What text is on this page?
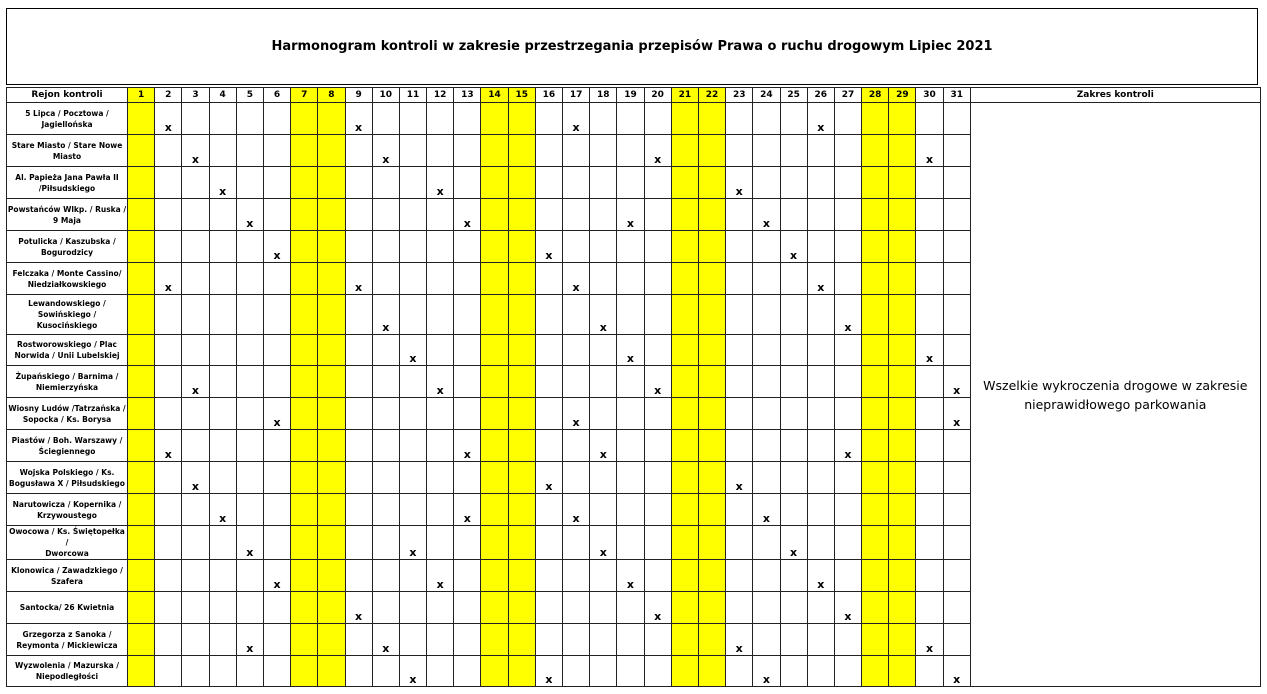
Harmonogram kontroli w zakresie przestrzegania przepisów Prawa o ruchu drogowym Lipiec 2021
Rejon kontroli	1	2	3	4	5	6	7	8	9	10	11	12	13	14	15	16	17	18	19	20	21	22	23	24	25	26	27	28	29	30	31	Zakres kontroli

5 Lipca / Pocztowa /
Jagiellońska		x							x								x									x						Wszelkie wykroczenia drogowe w zakresie nieprawidłowego parkowania

Stare Miasto / Stare Nowe
Miasto			x							x										x										x		

Al. Papieża Jana Pawła II
/Piłsudskiego				x								x											x									

Powstańców Wlkp. / Ruska /
9 Maja					x								x						x					x								

Potulicka / Kaszubska /
Bogurodzicy						x										x									x							

Felczaka / Monte Cassino/
Niedziałkowskiego		x							x								x									x						

Lewandowskiego /
Sowińskiego / Kusocińskiego										x								x									x					

Rostworowskiego / Plac
Norwida / Unii Lubelskiej											x								x											x		

Żupańskiego / Barnima /
Niemierzyńska			x									x								x											x	

Wiosny Ludów /Tatrzańska /
Sopocka / Ks. Borysa						x											x														x	

Piastów / Boh. Warszawy /
Ściegiennego		x											x					x									x					

Wojska Polskiego / Ks.
Bogusława X / Piłsudskiego			x													x							x									

Narutowicza / Kopernika /
Krzywoustego				x									x				x							x								

Owocowa / Ks. Świętopełka /
Dworcowa					x						x							x							x							

Klonowica / Zawadzkiego /
Szafera						x						x							x							x						

Santocka/ 26 Kwietnia									x											x							x					

Grzegorza z Sanoka /
Reymonta / Mickiewicza					x					x													x							x		

Wyzwolenia / Mazurska /
Niepodległości											x					x								x							x	
